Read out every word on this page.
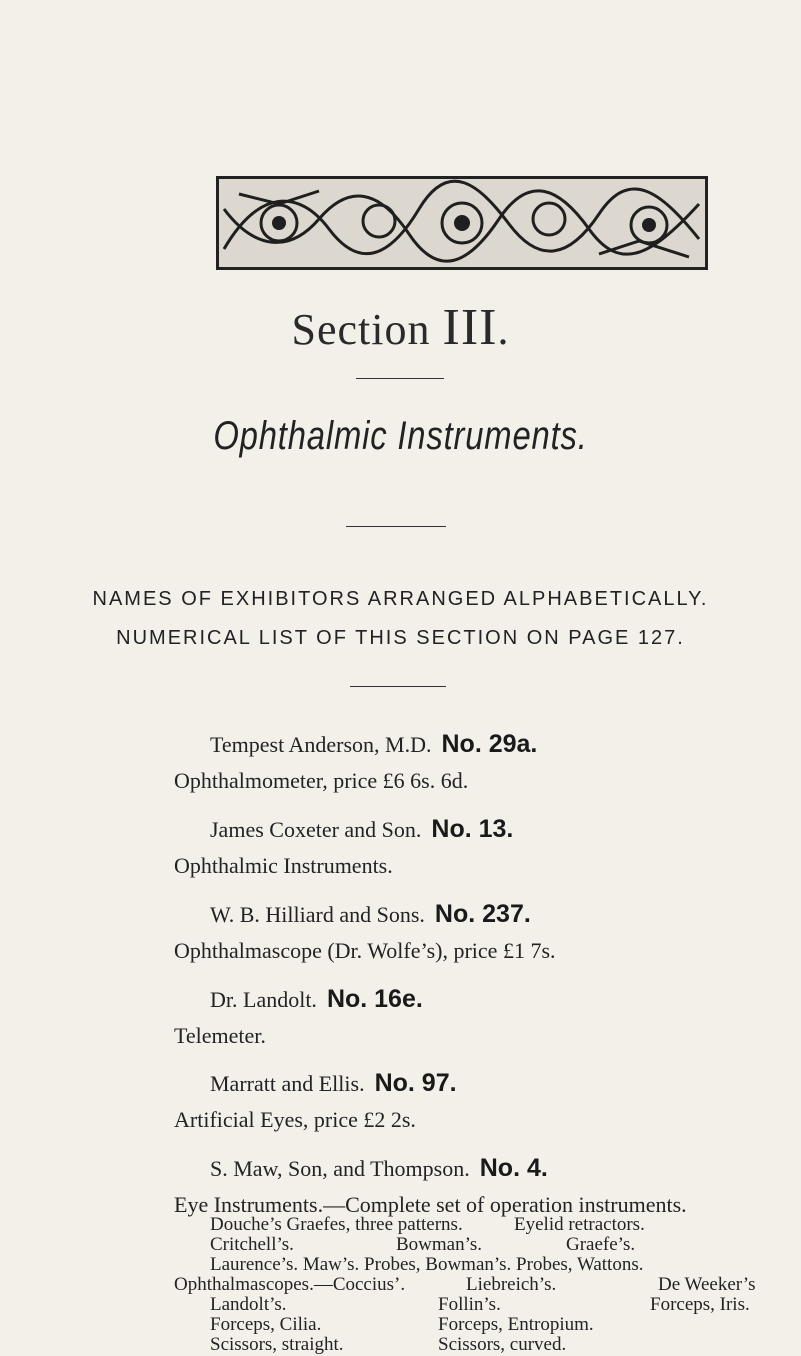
Section III.
Ophthalmic Instruments.
NAMES OF EXHIBITORS ARRANGED ALPHABETICALLY.
NUMERICAL LIST OF THIS SECTION ON PAGE 127.
Tempest Anderson, M.D. No. 29a.
Ophthalmometer, price £6 6s. 6d.
James Coxeter and Son. No. 13.
Ophthalmic Instruments.
W. B. Hilliard and Sons. No. 237.
Ophthalmascope (Dr. Wolfe’s), price £1 7s.
Dr. Landolt. No. 16e.
Telemeter.
Marratt and Ellis. No. 97.
Artificial Eyes, price £2 2s.
S. Maw, Son, and Thompson. No. 4.
Eye Instruments.—Complete set of operation instruments.
Douche’s Graefes, three patterns.	Eyelid retractors.
Critchell’s.	Bowman’s.	Graefe’s.
Laurence’s. Maw’s. Probes, Bowman’s. Probes, Wattons.
Ophthalmascopes.—Coccius’.	Liebreich’s.	De Weeker’s
Landolt’s.	Follin’s.	Forceps, Iris.
Forceps, Cilia.	Forceps, Entropium.
Scissors, straight.	Scissors, curved.
